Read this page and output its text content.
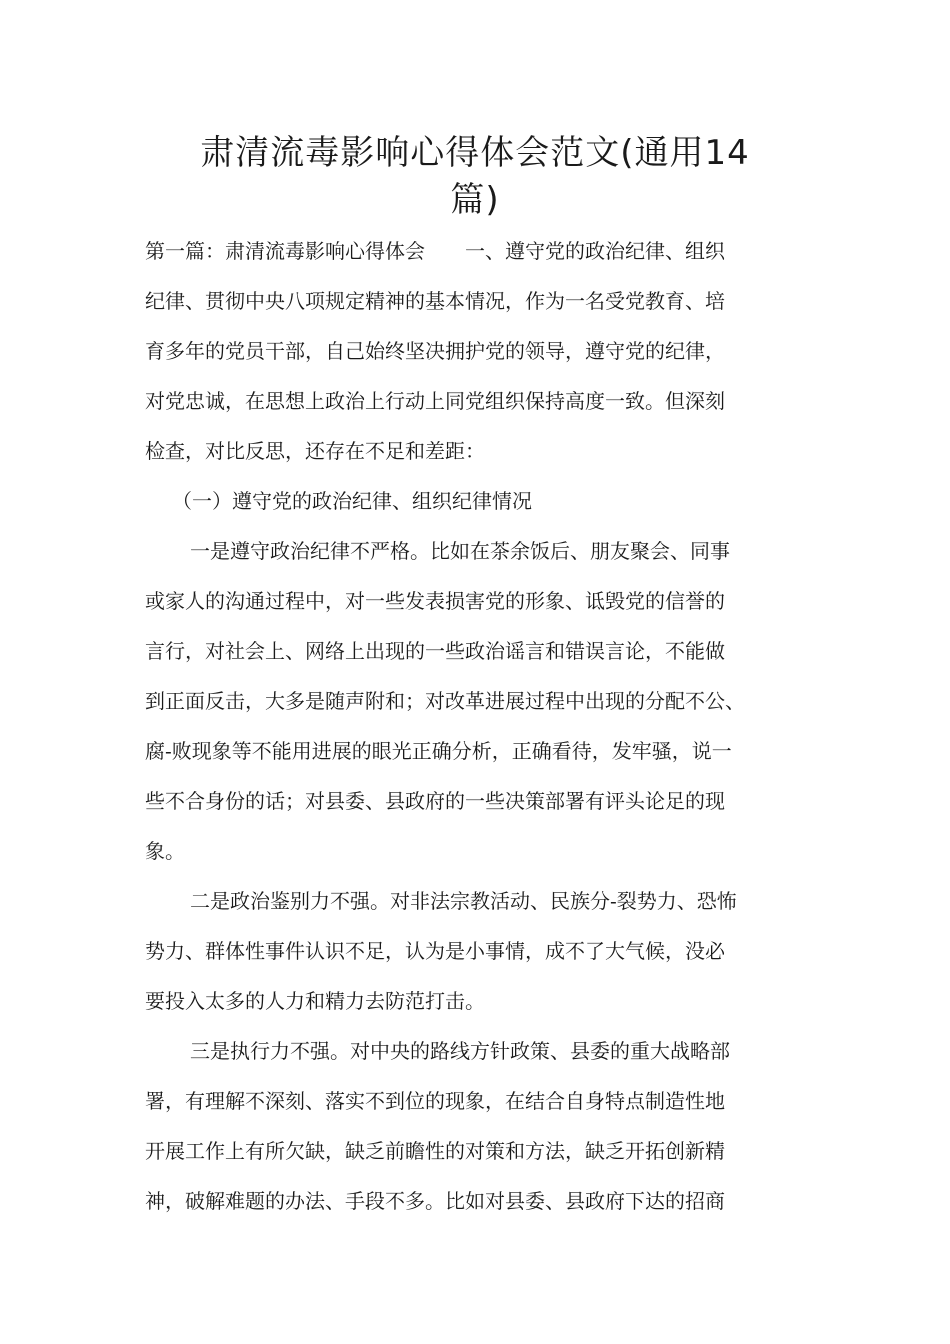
肃清流毒影响心得体会范文(通用14
篇)
第一篇：肃清流毒影响心得体会　　一、遵守党的政治纪律、组织
纪律、贯彻中央八项规定精神的基本情况，作为一名受党教育、培
育多年的党员干部，自己始终坚决拥护党的领导，遵守党的纪律，
对党忠诚，在思想上政治上行动上同党组织保持高度一致。但深刻
检查，对比反思，还存在不足和差距：
（一）遵守党的政治纪律、组织纪律情况
一是遵守政治纪律不严格。比如在茶余饭后、朋友聚会、同事
或家人的沟通过程中，对一些发表损害党的形象、诋毁党的信誉的
言行，对社会上、网络上出现的一些政治谣言和错误言论，不能做
到正面反击，大多是随声附和；对改革进展过程中出现的分配不公、
腐-败现象等不能用进展的眼光正确分析，正确看待，发牢骚，说一
些不合身份的话；对县委、县政府的一些决策部署有评头论足的现
象。
二是政治鉴别力不强。对非法宗教活动、民族分-裂势力、恐怖
势力、群体性事件认识不足，认为是小事情，成不了大气候，没必
要投入太多的人力和精力去防范打击。
三是执行力不强。对中央的路线方针政策、县委的重大战略部
署，有理解不深刻、落实不到位的现象，在结合自身特点制造性地
开展工作上有所欠缺，缺乏前瞻性的对策和方法，缺乏开拓创新精
神，破解难题的办法、手段不多。比如对县委、县政府下达的招商
